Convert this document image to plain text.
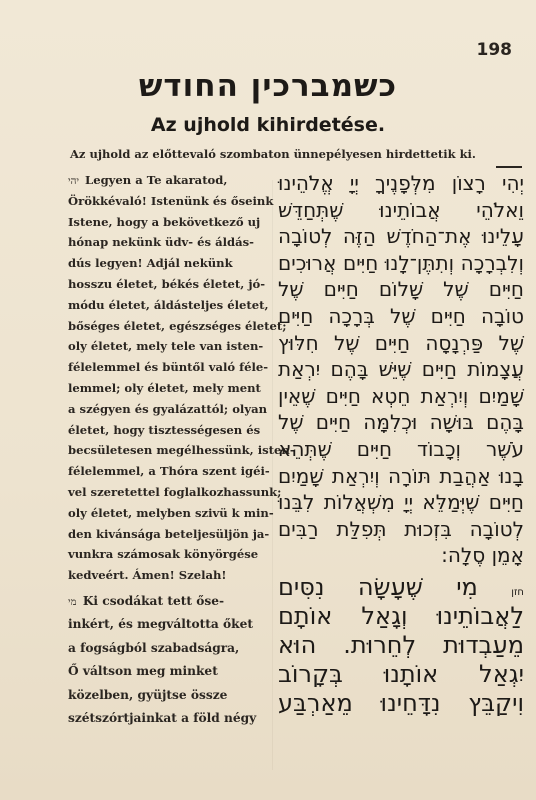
198
כשמברכין החודש
Az ujhold kihirdetése.
Az ujhold az előttevaló szombaton ünnepélyesen hirdettetik ki.
יהי Legyen a Te akaratod,
Örökkévaló! Istenünk és őseink
Istene, hogy a bekövetkező uj
hónap nekünk üdv- és áldás-
dús legyen! Adjál nekünk
hosszu életet, békés életet, jó-
módu életet, áldásteljes életet,
bőséges életet, egészséges életet;
oly életet, mely tele van isten-
félelemmel és büntől való féle-
lemmel; oly életet, mely ment
a szégyen és gyalázattól; olyan
életet, hogy tisztességesen és
becsületesen megélhessünk, isten-
félelemmel, a Thóra szent igéi-
vel szeretettel foglalkozhassunk;
oly életet, melyben szivü k min-
den kivánsága beteljesüljön ja-
vunkra számosak könyörgése
kedveért. Ámen! Szelah!
מי Ki csodákat tett őse-
inkért, és megváltotta őket
a fogságból szabadságra,
Ő váltson meg minket
közelben, gyüjtse össze
szétszórtjainkat a föld négy
יְהִי רָצוֹן מִלְּפָנֶיךָ יְיָ אֱלֹהֵינוּ
וֵאלֹהֵי אֲבוֹתֵינוּ שֶׁתְּחַדֵּשׁ
עָלֵינוּ אֶת־הַחֹדֶשׁ הַזֶּה לְטוֹבָה
וְלִבְרָכָה וְתִתֶּן־לָנוּ חַיִּים אֲרוּכִים
חַיִּים שֶׁל שָׁלוֹם חַיִּים שֶׁל
טוֹבָה חַיִּים שֶׁל בְּרָכָה חַיִּים
שֶׁל פַּרְנָסָה חַיִּים שֶׁל חִלּוּץ
עֲצָמוֹת חַיִּים שֶׁיֵּשׁ בָּהֶם יִרְאַת
שָׁמַיִם וְיִרְאַת חֵטְא חַיִּים שֶׁאֵין
בָּהֶם בּוּשָׁה וּכְלִמָּה חַיִּים שֶׁל
עֹשֶׁר וְכָבוֹד חַיִּים שֶׁתְּהֵא
בָנוּ אַהֲבַת תּוֹרָה וְיִרְאַת שָׁמַיִם
חַיִּים שֶׁיְּמַלֵּא יְיָ מִשְׁאֲלוֹת לִבֵּנוּ
לְטוֹבָה בִּזְכוּת תְּפִלַּת רַבִּים
אָמֵן סֶלָה:
חזן מִי שֶׁעָשָׂה נִסִּים
לַאֲבוֹתֵינוּ וְגָאַל אוֹתָם
מֵעַבְדוּת לְחֵרוּת. הוּא
יִגְאַל אוֹתָנוּ בְּקָרוֹב
וִיקַבֵּץ נִדָּחֵינוּ מֵאַרְבַּע
